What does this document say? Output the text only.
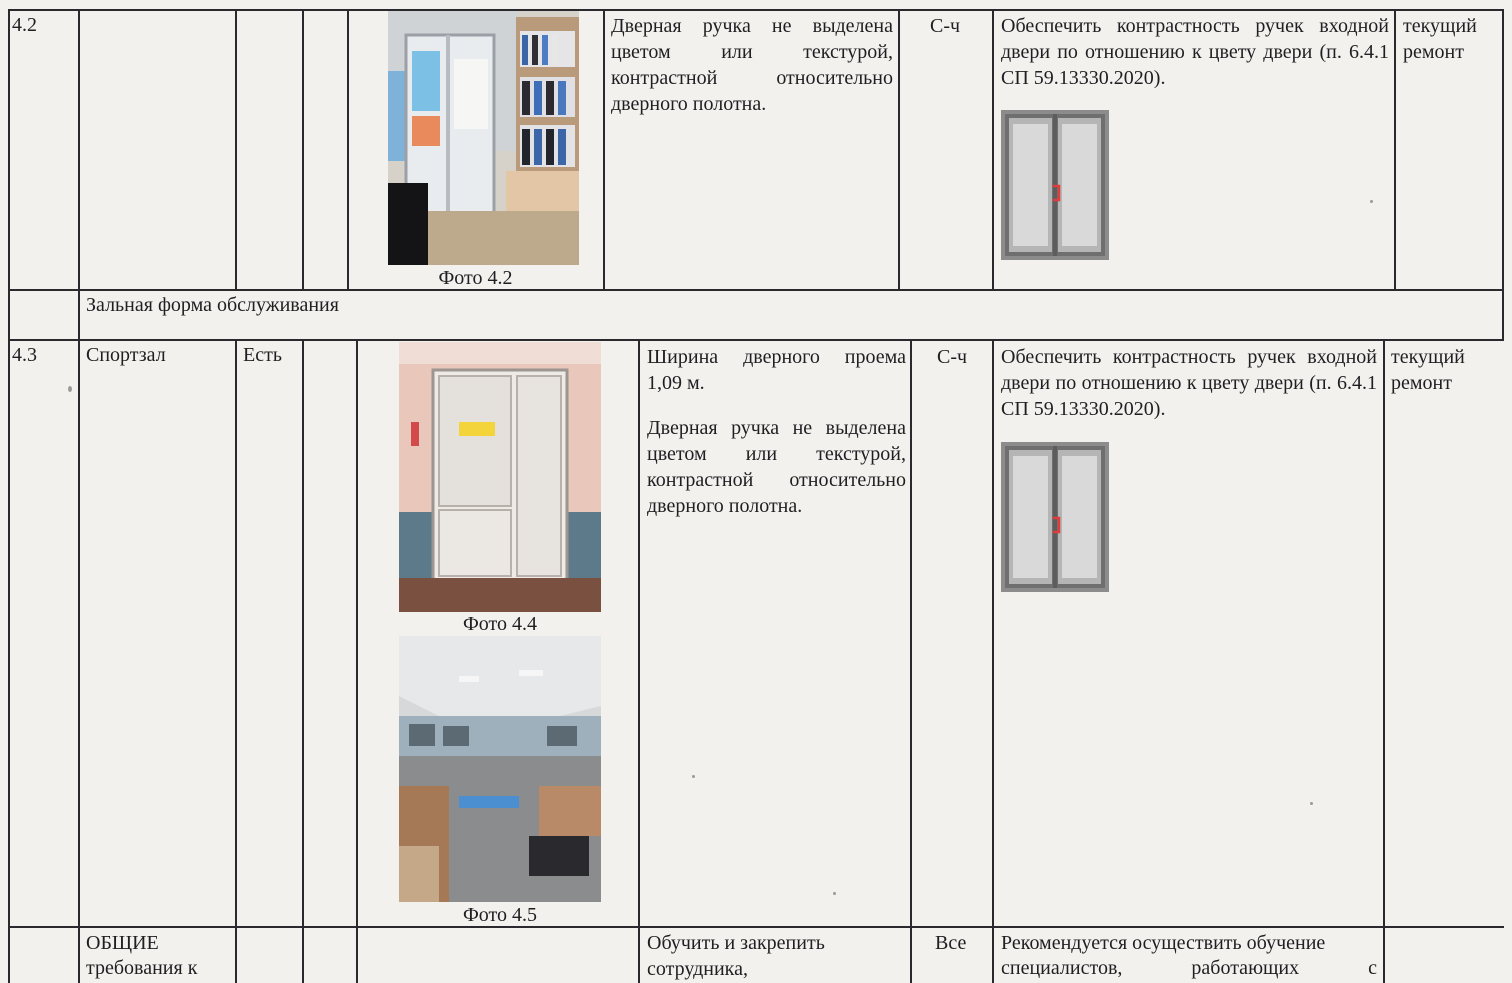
4.2
Фото 4.2
Дверная ручка не выделена цветом или текстурой, контрастной относительно дверного полотна.
С-ч Обеспечить контрастность ручек входной двери по отношению к цвету двери (п. 6.4.1 СП 59.13330.2020).
текущий ремонт
Зальная форма обслуживания
4.3 Спортзал	Есть
Фото 4.4
Фото 4.5
Ширина дверного проема 1,09 м.
Дверная ручка не выделена цветом или текстурой, контрастной относительно дверного полотна.
С-ч Обеспечить контрастность ручек входной двери по отношению к цвету двери (п. 6.4.1 СП 59.13330.2020).
текущий ремонт
ОБЩИЕ
требования к
Обучить и закрепить сотрудника,
Все Рекомендуется осуществить обучение
специалистов, работающих с
